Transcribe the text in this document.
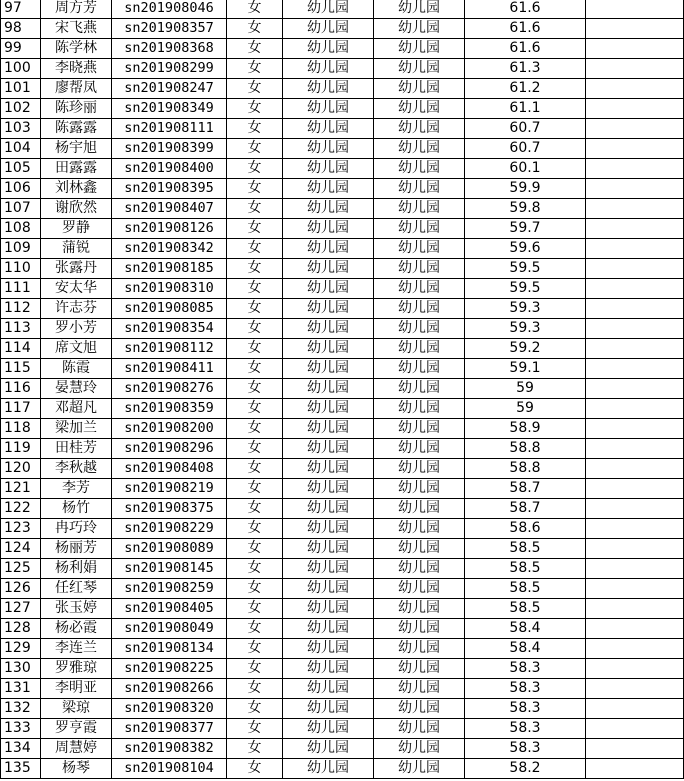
97	周方芳	sn201908046	女	幼儿园	幼儿园	61.6	
98	宋飞燕	sn201908357	女	幼儿园	幼儿园	61.6	
99	陈学林	sn201908368	女	幼儿园	幼儿园	61.6	
100	李晓燕	sn201908299	女	幼儿园	幼儿园	61.3	
101	廖帮凤	sn201908247	女	幼儿园	幼儿园	61.2	
102	陈珍丽	sn201908349	女	幼儿园	幼儿园	61.1	
103	陈露露	sn201908111	女	幼儿园	幼儿园	60.7	
104	杨宇旭	sn201908399	女	幼儿园	幼儿园	60.7	
105	田露露	sn201908400	女	幼儿园	幼儿园	60.1	
106	刘林鑫	sn201908395	女	幼儿园	幼儿园	59.9	
107	谢欣然	sn201908407	女	幼儿园	幼儿园	59.8	
108	罗静	sn201908126	女	幼儿园	幼儿园	59.7	
109	蒲锐	sn201908342	女	幼儿园	幼儿园	59.6	
110	张露丹	sn201908185	女	幼儿园	幼儿园	59.5	
111	安太华	sn201908310	女	幼儿园	幼儿园	59.5	
112	许志芬	sn201908085	女	幼儿园	幼儿园	59.3	
113	罗小芳	sn201908354	女	幼儿园	幼儿园	59.3	
114	席文旭	sn201908112	女	幼儿园	幼儿园	59.2	
115	陈霞	sn201908411	女	幼儿园	幼儿园	59.1	
116	晏慧玲	sn201908276	女	幼儿园	幼儿园	59	
117	邓超凡	sn201908359	女	幼儿园	幼儿园	59	
118	梁加兰	sn201908200	女	幼儿园	幼儿园	58.9	
119	田桂芳	sn201908296	女	幼儿园	幼儿园	58.8	
120	李秋越	sn201908408	女	幼儿园	幼儿园	58.8	
121	李芳	sn201908219	女	幼儿园	幼儿园	58.7	
122	杨竹	sn201908375	女	幼儿园	幼儿园	58.7	
123	冉巧玲	sn201908229	女	幼儿园	幼儿园	58.6	
124	杨丽芳	sn201908089	女	幼儿园	幼儿园	58.5	
125	杨利娟	sn201908145	女	幼儿园	幼儿园	58.5	
126	任红琴	sn201908259	女	幼儿园	幼儿园	58.5	
127	张玉婷	sn201908405	女	幼儿园	幼儿园	58.5	
128	杨必霞	sn201908049	女	幼儿园	幼儿园	58.4	
129	李连兰	sn201908134	女	幼儿园	幼儿园	58.4	
130	罗雅琼	sn201908225	女	幼儿园	幼儿园	58.3	
131	李明亚	sn201908266	女	幼儿园	幼儿园	58.3	
132	梁琼	sn201908320	女	幼儿园	幼儿园	58.3	
133	罗亨霞	sn201908377	女	幼儿园	幼儿园	58.3	
134	周慧婷	sn201908382	女	幼儿园	幼儿园	58.3	
135	杨琴	sn201908104	女	幼儿园	幼儿园	58.2	
